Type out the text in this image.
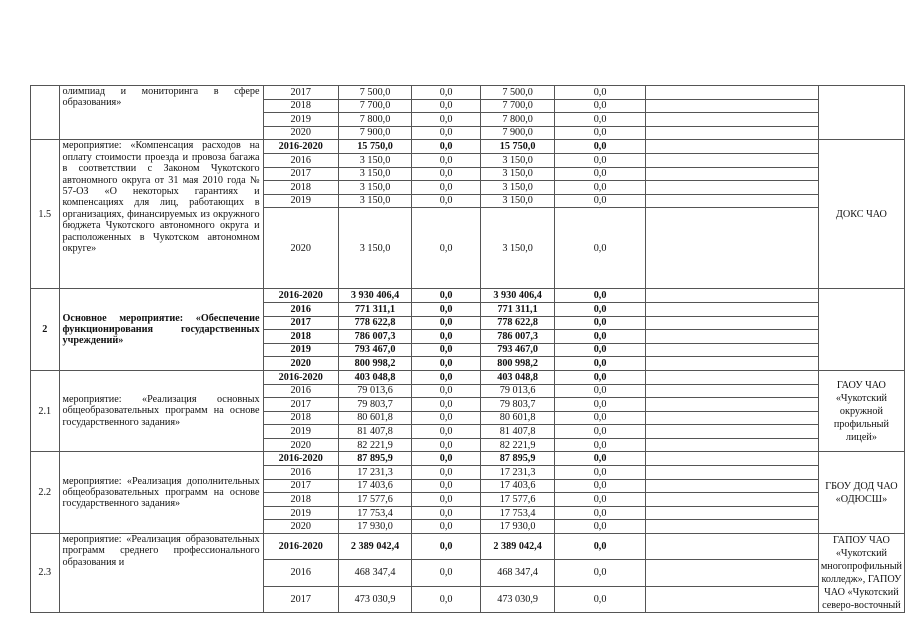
	олимпиад и мониторинга в сфере образования»	2017	7 500,0	0,0	7 500,0	0,0		
		2018	7 700,0	0,0	7 700,0	0,0		
		2019	7 800,0	0,0	7 800,0	0,0		
		2020	7 900,0	0,0	7 900,0	0,0		
1.5	мероприятие: «Компенсация расходов на оплату стоимости проезда и провоза багажа в соответствии с Законом Чукотского автономного округа от 31 мая 2010 года № 57-ОЗ «О некоторых гарантиях и компенсациях для лиц, работающих в организациях, финансируемых из окружного бюджета Чукотского автономного округа и расположенных в Чукотском автономном округе»	2016-2020	15 750,0	0,0	15 750,0	0,0		ДОКС ЧАО
		2016	3 150,0	0,0	3 150,0	0,0		
		2017	3 150,0	0,0	3 150,0	0,0		
		2018	3 150,0	0,0	3 150,0	0,0		
		2019	3 150,0	0,0	3 150,0	0,0		
		2020	3 150,0	0,0	3 150,0	0,0		
2	Основное мероприятие: «Обеспечение функционирования государственных учреждений»	2016-2020	3 930 406,4	0,0	3 930 406,4	0,0		
		2016	771 311,1	0,0	771 311,1	0,0		
		2017	778 622,8	0,0	778 622,8	0,0		
		2018	786 007,3	0,0	786 007,3	0,0		
		2019	793 467,0	0,0	793 467,0	0,0		
		2020	800 998,2	0,0	800 998,2	0,0		
2.1	мероприятие: «Реализация основных общеобразовательных программ на основе государственного задания»	2016-2020	403 048,8	0,0	403 048,8	0,0		ГАОУ ЧАО «Чукотский окружной профильный лицей»
		2016	79 013,6	0,0	79 013,6	0,0		
		2017	79 803,7	0,0	79 803,7	0,0		
		2018	80 601,8	0,0	80 601,8	0,0		
		2019	81 407,8	0,0	81 407,8	0,0		
		2020	82 221,9	0,0	82 221,9	0,0		
2.2	мероприятие: «Реализация дополнительных общеобразовательных программ на основе государственного задания»	2016-2020	87 895,9	0,0	87 895,9	0,0		ГБОУ ДОД ЧАО «ОДЮСШ»
		2016	17 231,3	0,0	17 231,3	0,0		
		2017	17 403,6	0,0	17 403,6	0,0		
		2018	17 577,6	0,0	17 577,6	0,0		
		2019	17 753,4	0,0	17 753,4	0,0		
		2020	17 930,0	0,0	17 930,0	0,0		
2.3	мероприятие: «Реализация образовательных программ среднего профессионального образования и	2016-2020	2 389 042,4	0,0	2 389 042,4	0,0		ГАПОУ ЧАО «Чукотский многопрофильный колледж», ГАПОУ ЧАО «Чукотский северо-восточный
		2016	468 347,4	0,0	468 347,4	0,0		
		2017	473 030,9	0,0	473 030,9	0,0		
